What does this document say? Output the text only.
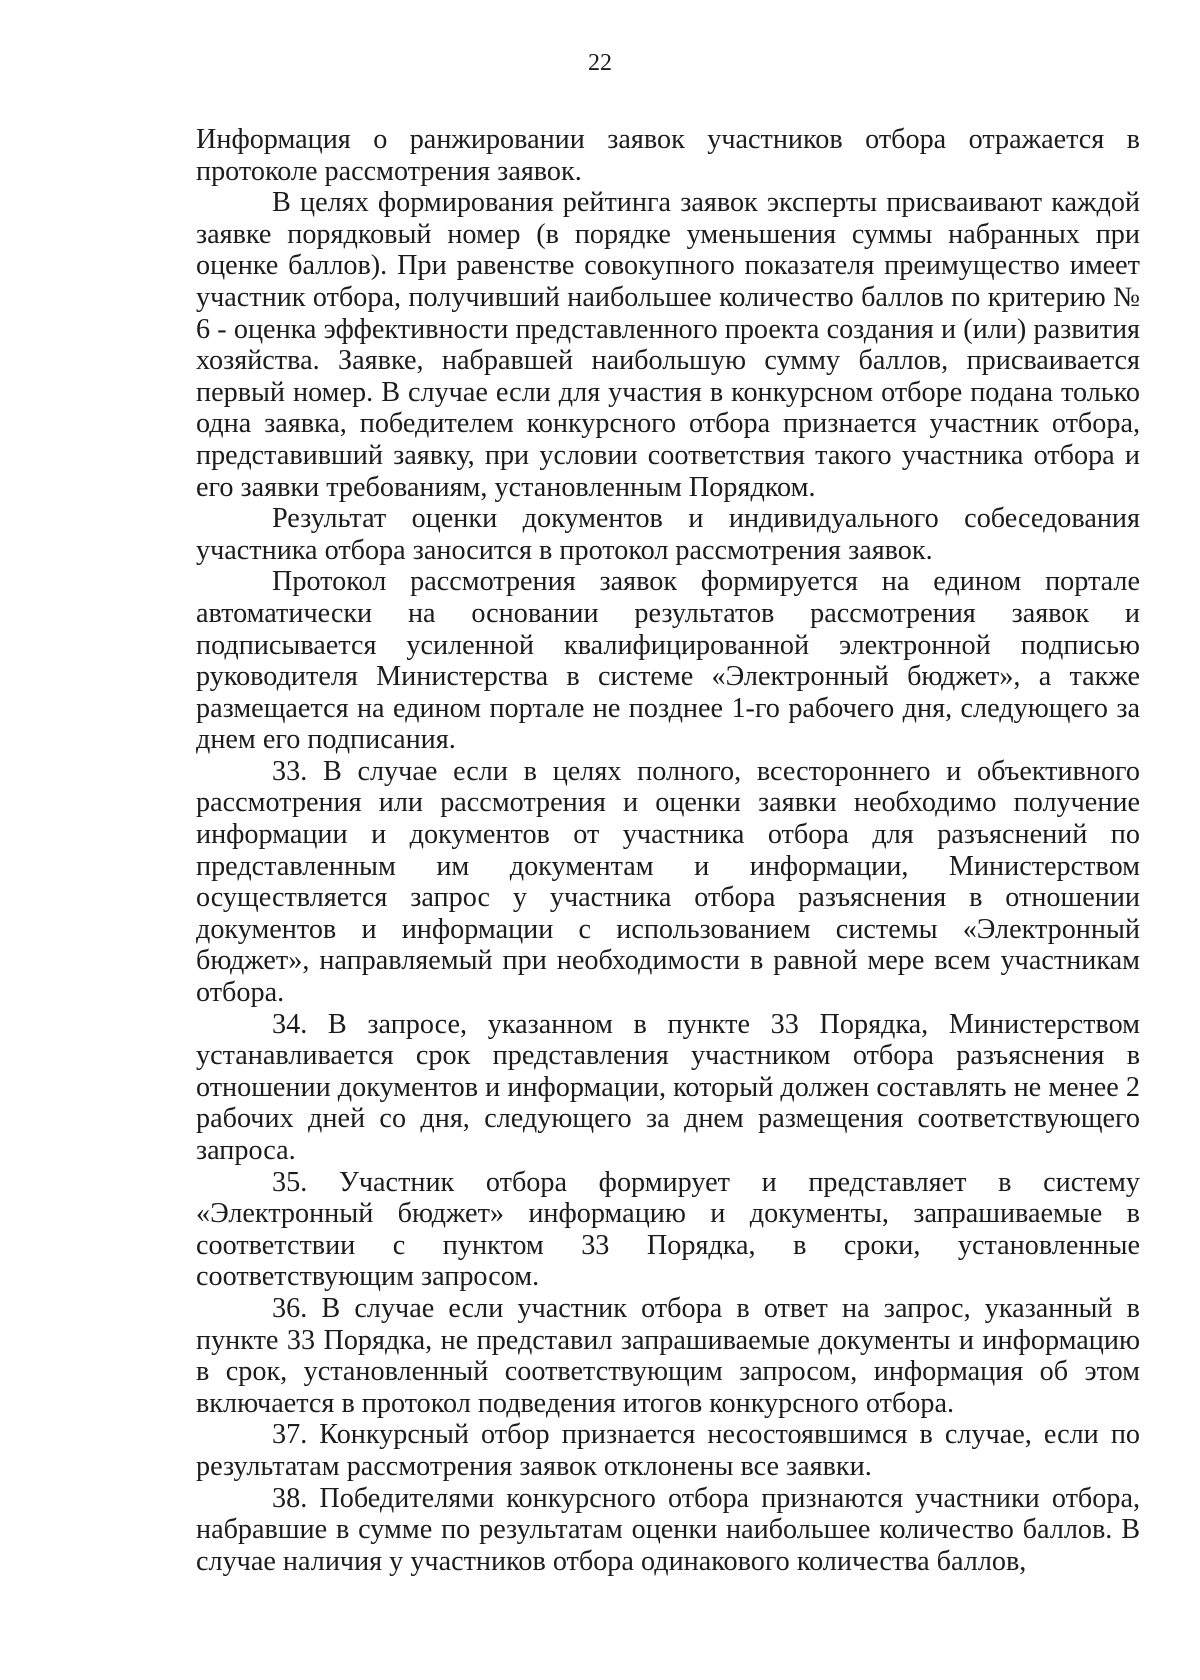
22

Информация о ранжировании заявок участников отбора отражается в протоколе рассмотрения заявок.

В целях формирования рейтинга заявок эксперты присваивают каждой заявке порядковый номер (в порядке уменьшения суммы набранных при оценке баллов). При равенстве совокупного показателя преимущество имеет участник отбора, получивший наибольшее количество баллов по критерию № 6 - оценка эффективности представленного проекта создания и (или) развития хозяйства. Заявке, набравшей наибольшую сумму баллов, присваивается первый номер. В случае если для участия в конкурсном отборе подана только одна заявка, победителем конкурсного отбора признается участник отбора, представивший заявку, при условии соответствия такого участника отбора и его заявки требованиям, установленным Порядком.

Результат оценки документов и индивидуального собеседования участника отбора заносится в протокол рассмотрения заявок.

Протокол рассмотрения заявок формируется на едином портале автоматически на основании результатов рассмотрения заявок и подписывается усиленной квалифицированной электронной подписью руководителя Министерства в системе «Электронный бюджет», а также размещается на едином портале не позднее 1-го рабочего дня, следующего за днем его подписания.

33. В случае если в целях полного, всестороннего и объективного рассмотрения или рассмотрения и оценки заявки необходимо получение информации и документов от участника отбора для разъяснений по представленным им документам и информации, Министерством осуществляется запрос у участника отбора разъяснения в отношении документов и информации с использованием системы «Электронный бюджет», направляемый при необходимости в равной мере всем участникам отбора.

34. В запросе, указанном в пункте 33 Порядка, Министерством устанавливается срок представления участником отбора разъяснения в отношении документов и информации, который должен составлять не менее 2 рабочих дней со дня, следующего за днем размещения соответствующего запроса.

35. Участник отбора формирует и представляет в систему «Электронный бюджет» информацию и документы, запрашиваемые в соответствии с пунктом 33 Порядка, в сроки, установленные соответствующим запросом.

36. В случае если участник отбора в ответ на запрос, указанный в пункте 33 Порядка, не представил запрашиваемые документы и информацию в срок, установленный соответствующим запросом, информация об этом включается в протокол подведения итогов конкурсного отбора.

37. Конкурсный отбор признается несостоявшимся в случае, если по результатам рассмотрения заявок отклонены все заявки.

38. Победителями конкурсного отбора признаются участники отбора, набравшие в сумме по результатам оценки наибольшее количество баллов. В случае наличия у участников отбора одинакового количества баллов,
